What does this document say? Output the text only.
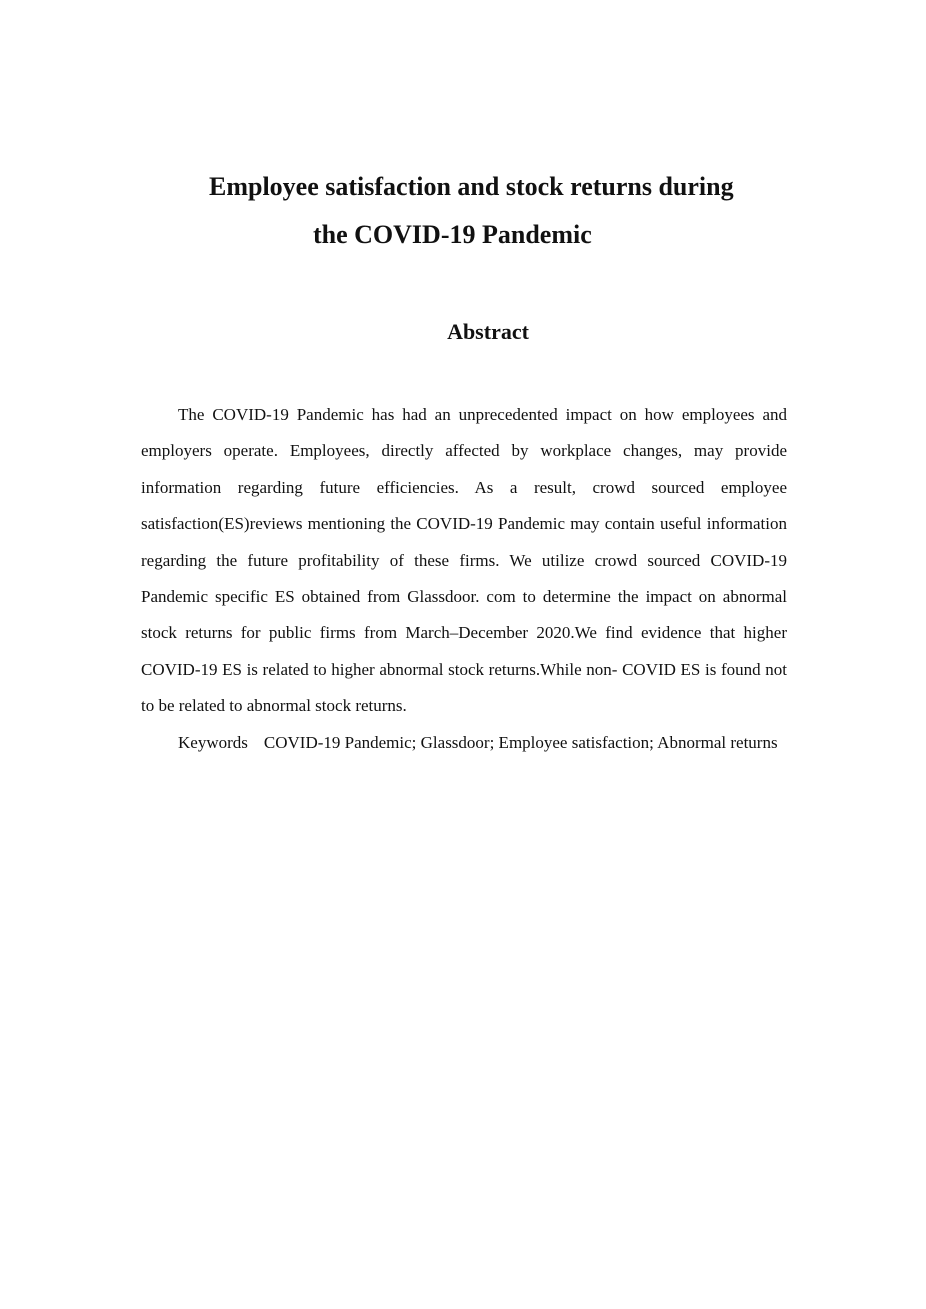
Employee satisfaction and stock returns during
the COVID-19 Pandemic
Abstract

The COVID-19 Pandemic has had an unprecedented impact on how employees and employers operate. Employees, directly affected by workplace changes, may provide information regarding future efficiencies. As a result, crowd sourced employee satisfaction(ES)reviews mentioning the COVID-19 Pandemic may contain useful information regarding the future profitability of these firms. We utilize crowd sourced COVID-19 Pandemic specific ES obtained from Glassdoor. com to determine the impact on abnormal stock returns for public firms from March–December 2020.We find evidence that higher COVID-19 ES is related to higher abnormal stock returns.While non- COVID ES is found not to be related to abnormal stock returns.

Keywords COVID-19 Pandemic; Glassdoor; Employee satisfaction; Abnormal returns
